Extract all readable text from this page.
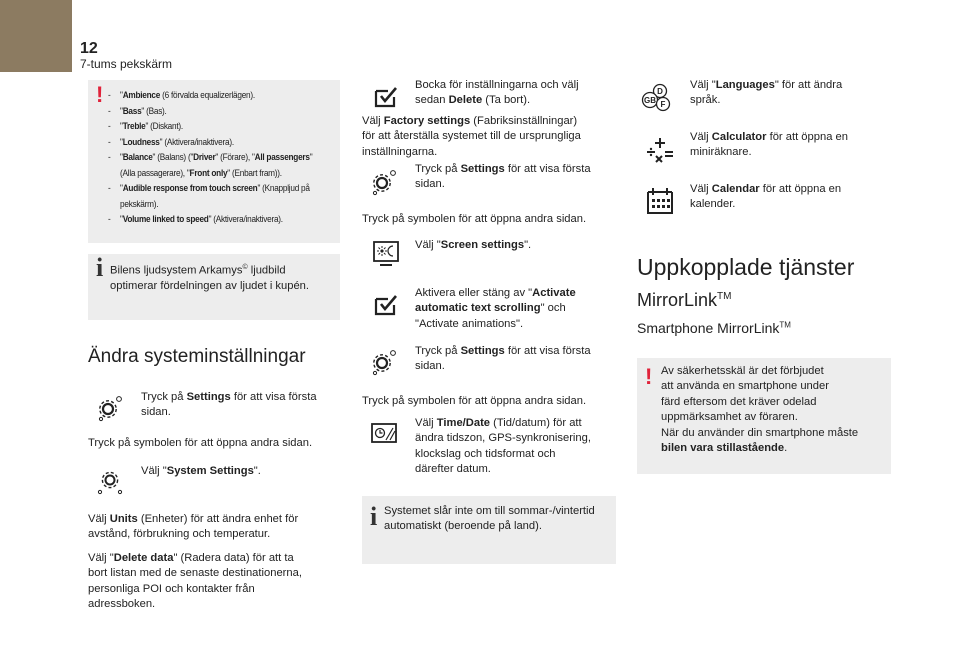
12
7-tums pekskärm
! - "Ambience (6 förvalda equalizerlägen).
- "Bass" (Bas).
- "Treble" (Diskant).
- "Loudness" (Aktivera/inaktivera).
- "Balance" (Balans) ("Driver" (Förare), "All passengers"
(Alla passagerare), "Front only" (Enbart fram)).
- "Audible response from touch screen" (Knappljud på
pekskärm).
- "Volume linked to speed" (Aktivera/inaktivera).
i Bilens ljudsystem Arkamys© ljudbild
optimerar fördelningen av ljudet i kupén.
Ändra systeminställningar
Tryck på Settings för att visa första
sidan.
Tryck på symbolen för att öppna andra sidan.
Välj "System Settings".
Välj Units (Enheter) för att ändra enhet för
avstånd, förbrukning och temperatur.
Välj "Delete data" (Radera data) för att ta
bort listan med de senaste destinationerna,
personliga POI och kontakter från
adressboken.
Bocka för inställningarna och välj
sedan Delete (Ta bort).
Välj Factory settings (Fabriksinställningar)
för att återställa systemet till de ursprungliga
inställningarna.
Tryck på Settings för att visa första
sidan.
Tryck på symbolen för att öppna andra sidan.
Välj "Screen settings".
Aktivera eller stäng av "Activate
automatic text scrolling" och
"Activate animations".
Tryck på Settings för att visa första
sidan.
Tryck på symbolen för att öppna andra sidan.
Välj Time/Date (Tid/datum) för att
ändra tidszon, GPS-synkronisering,
klockslag och tidsformat och
därefter datum.
i Systemet slår inte om till sommar-/vintertid
automatiskt (beroende på land).
D
GB F
Välj "Languages" för att ändra
språk.
Välj Calculator för att öppna en
miniräknare.
Välj Calendar för att öppna en
kalender.
Uppkopplade tjänster
MirrorLink™
Smartphone MirrorLink™
! Av säkerhetsskäl är det förbjudet
att använda en smartphone under
färd eftersom det kräver odelad
uppmärksamhet av föraren.
När du använder din smartphone måste
bilen vara stillastående.
